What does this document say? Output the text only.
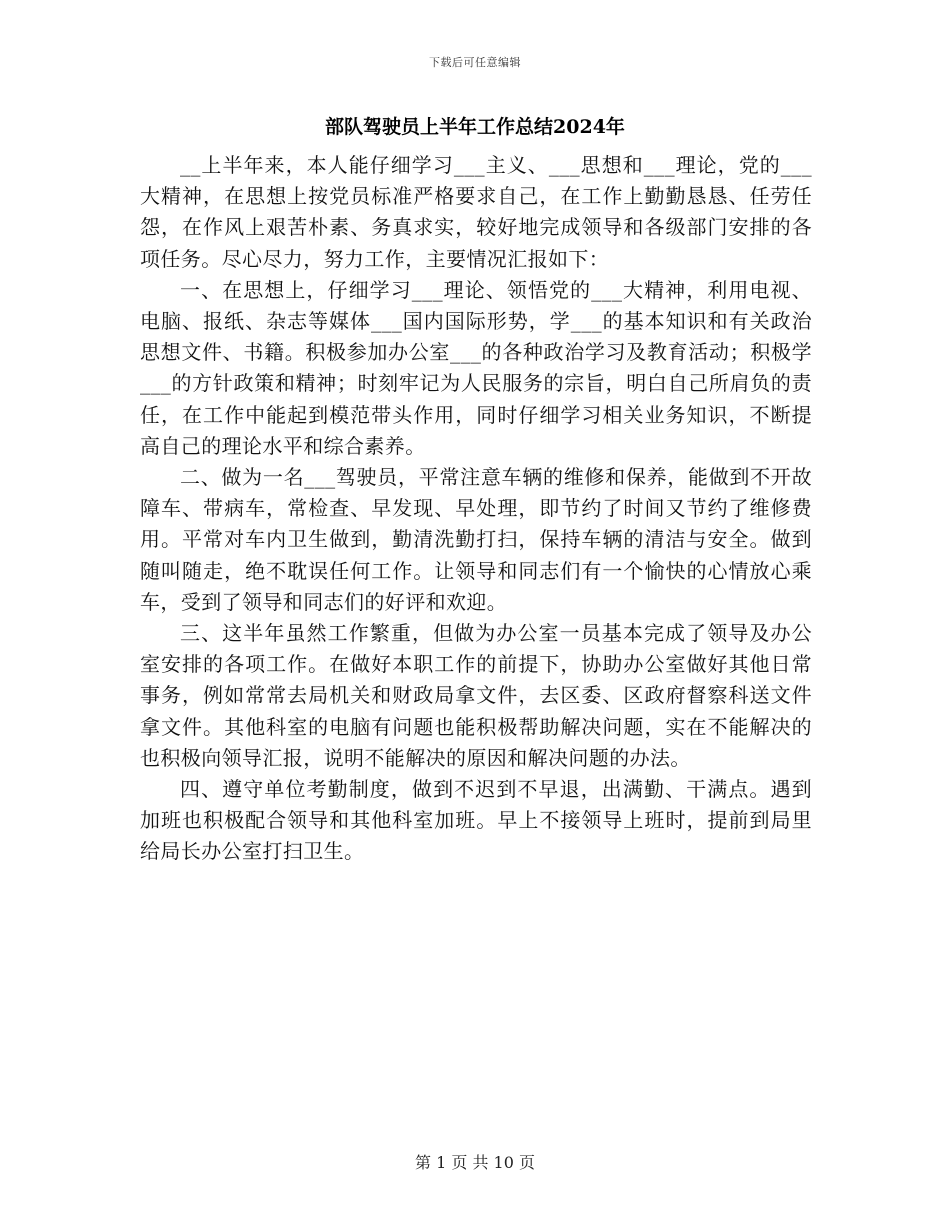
下载后可任意编辑
部队驾驶员上半年工作总结2024年

__上半年来，本人能仔细学习___主义、___思想和___理论，党的___大精神，在思想上按党员标准严格要求自己，在工作上勤勤恳恳、任劳任怨，在作风上艰苦朴素、务真求实，较好地完成领导和各级部门安排的各项任务。尽心尽力，努力工作，主要情况汇报如下：

一、在思想上，仔细学习___理论、领悟党的___大精神，利用电视、电脑、报纸、杂志等媒体___国内国际形势，学___的基本知识和有关政治思想文件、书籍。积极参加办公室___的各种政治学习及教育活动；积极学___的方针政策和精神；时刻牢记为人民服务的宗旨，明白自己所肩负的责任，在工作中能起到模范带头作用，同时仔细学习相关业务知识，不断提高自己的理论水平和综合素养。

二、做为一名___驾驶员，平常注意车辆的维修和保养，能做到不开故障车、带病车，常检查、早发现、早处理，即节约了时间又节约了维修费用。平常对车内卫生做到，勤清洗勤打扫，保持车辆的清洁与安全。做到随叫随走，绝不耽误任何工作。让领导和同志们有一个愉快的心情放心乘车，受到了领导和同志们的好评和欢迎。

三、这半年虽然工作繁重，但做为办公室一员基本完成了领导及办公室安排的各项工作。在做好本职工作的前提下，协助办公室做好其他日常事务，例如常常去局机关和财政局拿文件，去区委、区政府督察科送文件拿文件。其他科室的电脑有问题也能积极帮助解决问题，实在不能解决的也积极向领导汇报，说明不能解决的原因和解决问题的办法。

四、遵守单位考勤制度，做到不迟到不早退，出满勤、干满点。遇到加班也积极配合领导和其他科室加班。早上不接领导上班时，提前到局里给局长办公室打扫卫生。

第 1 页 共 10 页
